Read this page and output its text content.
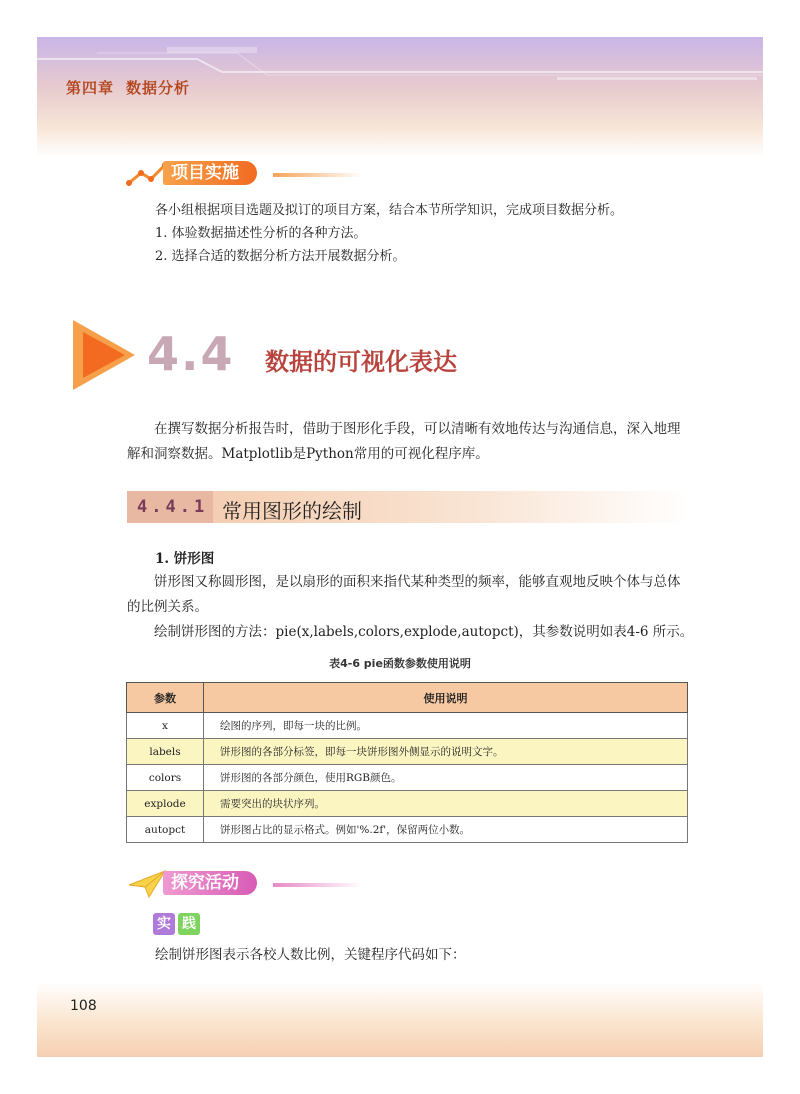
第四章 数据分析
项目实施
各小组根据项目选题及拟订的项目方案，结合本节所学知识，完成项目数据分析。
1. 体验数据描述性分析的各种方法。
2. 选择合适的数据分析方法开展数据分析。
4.4 数据的可视化表达
在撰写数据分析报告时，借助于图形化手段，可以清晰有效地传达与沟通信息，深入地理解和洞察数据。Matplotlib是Python常用的可视化程序库。
4.4.1 常用图形的绘制
1. 饼形图
饼形图又称圆形图，是以扇形的面积来指代某种类型的频率，能够直观地反映个体与总体的比例关系。
绘制饼形图的方法：pie(x,labels,colors,explode,autopct)，其参数说明如表4-6 所示。
表4-6 pie函数参数使用说明
参数	使用说明
x	绘图的序列，即每一块的比例。
labels	饼形图的各部分标签，即每一块饼形图外侧显示的说明文字。
colors	饼形图的各部分颜色，使用RGB颜色。
explode	需要突出的块状序列。
autopct	饼形图占比的显示格式。例如'%.2f'，保留两位小数。
探究活动
实 践
绘制饼形图表示各校人数比例，关键程序代码如下：
108
